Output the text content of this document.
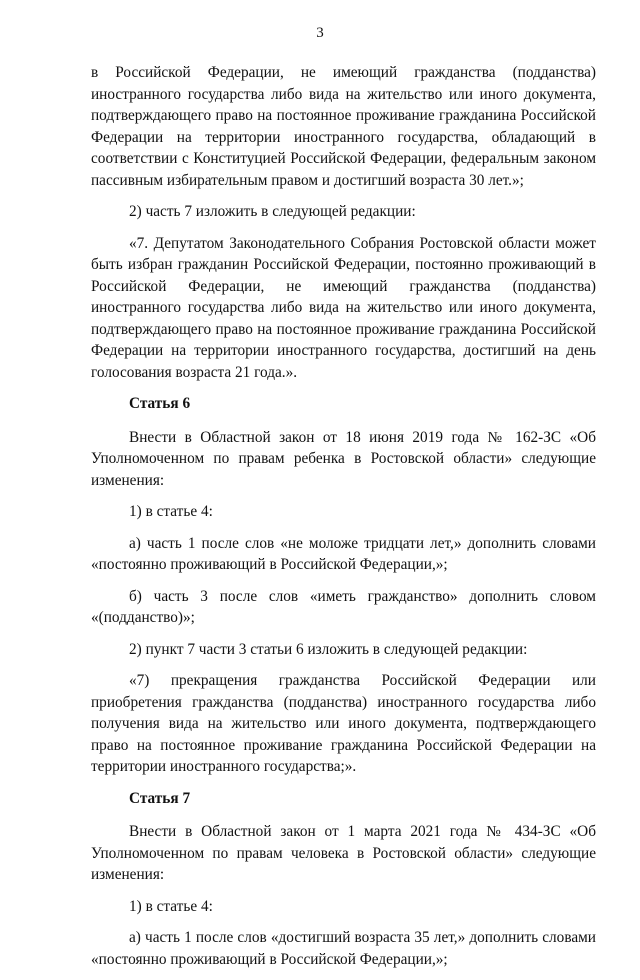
3

в Российской Федерации, не имеющий гражданства (подданства) иностранного государства либо вида на жительство или иного документа, подтверждающего право на постоянное проживание гражданина Российской Федерации на территории иностранного государства, обладающий в соответствии с Конституцией Российской Федерации, федеральным законом пассивным избирательным правом и достигший возраста 30 лет.»;

2) часть 7 изложить в следующей редакции:

«7. Депутатом Законодательного Собрания Ростовской области может быть избран гражданин Российской Федерации, постоянно проживающий в Российской Федерации, не имеющий гражданства (подданства) иностранного государства либо вида на жительство или иного документа, подтверждающего право на постоянное проживание гражданина Российской Федерации на территории иностранного государства, достигший на день голосования возраста 21 года.».

Статья 6

Внести в Областной закон от 18 июня 2019 года № 162-ЗС «Об Уполномоченном по правам ребенка в Ростовской области» следующие изменения:

1) в статье 4:

а) часть 1 после слов «не моложе тридцати лет,» дополнить словами «постоянно проживающий в Российской Федерации,»;

б) часть 3 после слов «иметь гражданство» дополнить словом «(подданство)»;

2) пункт 7 части 3 статьи 6 изложить в следующей редакции:

«7) прекращения гражданства Российской Федерации или приобретения гражданства (подданства) иностранного государства либо получения вида на жительство или иного документа, подтверждающего право на постоянное проживание гражданина Российской Федерации на территории иностранного государства;».

Статья 7

Внести в Областной закон от 1 марта 2021 года № 434-ЗС «Об Уполномоченном по правам человека в Ростовской области» следующие изменения:

1) в статье 4:

а) часть 1 после слов «достигший возраста 35 лет,» дополнить словами «постоянно проживающий в Российской Федерации,»;
